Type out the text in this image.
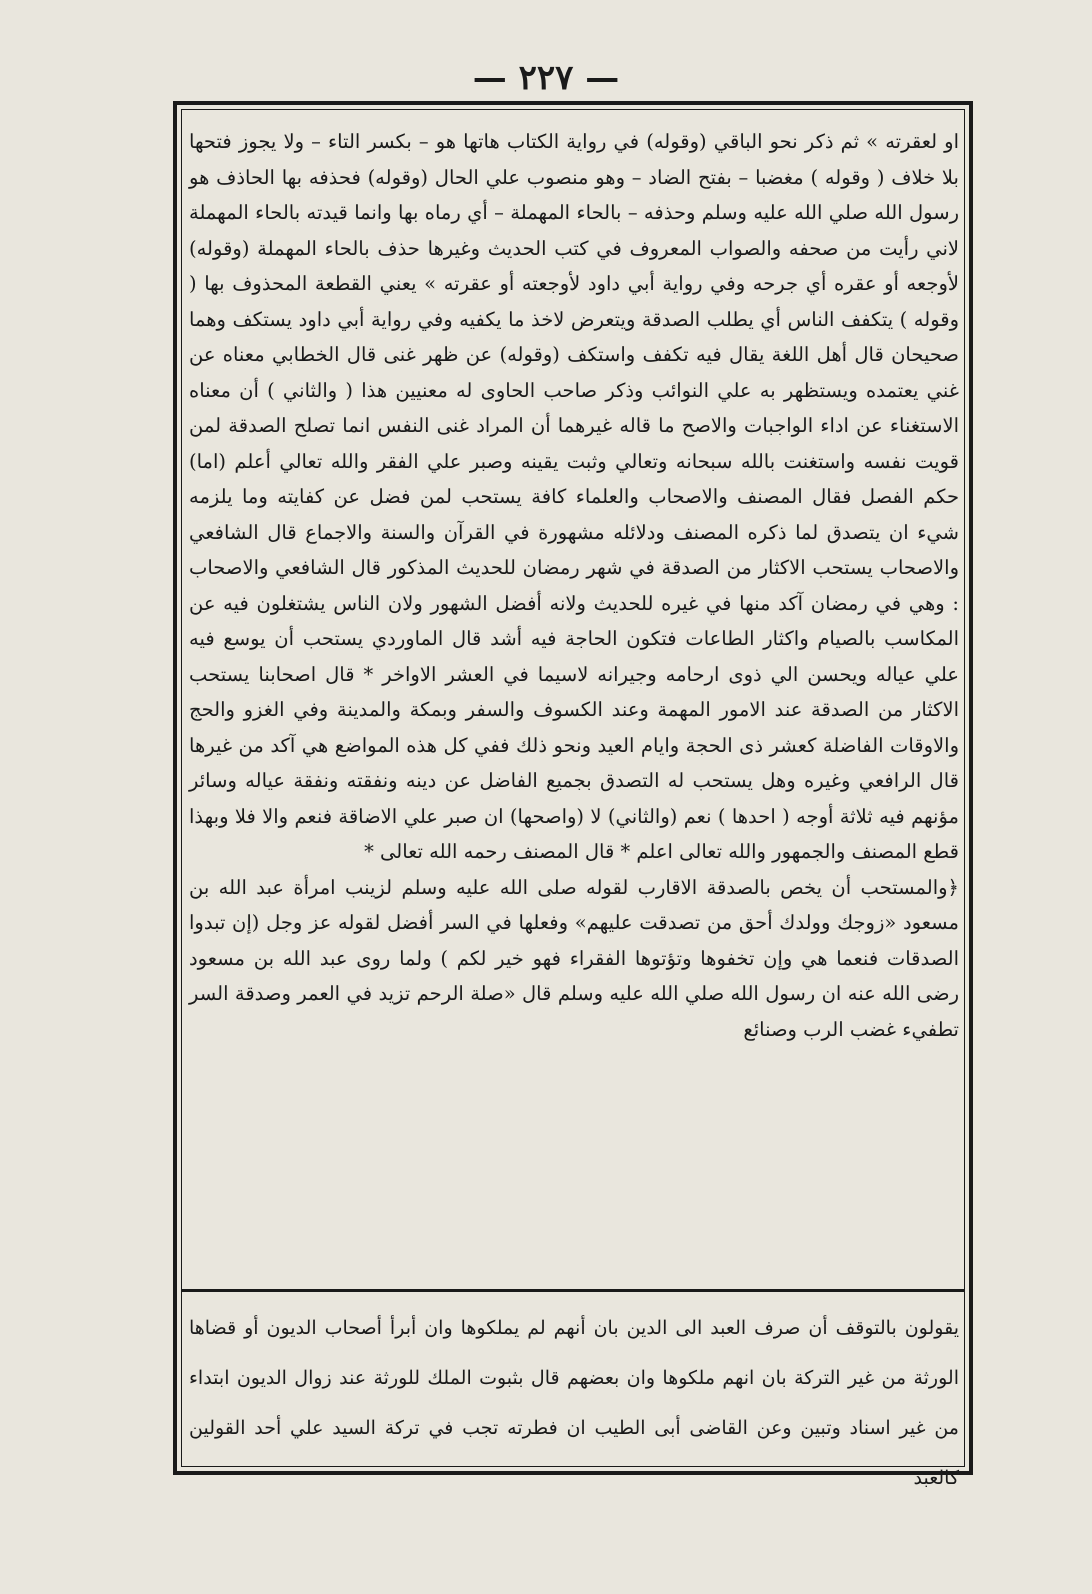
— ٢٢٧ —

او لعقرته » ثم ذكر نحو الباقي (وقوله) في رواية الكتاب هاتها هو – بكسر التاء – ولا يجوز فتحها بلا خلاف ( وقوله ) مغضبا – بفتح الضاد – وهو منصوب علي الحال (وقوله) فحذفه بها الحاذف هو رسول الله صلي الله عليه وسلم وحذفه – بالحاء المهملة – أي رماه بها وانما قيدته بالحاء المهملة لاني رأيت من صحفه والصواب المعروف في كتب الحديث وغيرها حذف بالحاء المهملة (وقوله) لأوجعه أو عقره أي جرحه وفي رواية أبي داود لأوجعته أو عقرته » يعني القطعة المحذوف بها ( وقوله ) يتكفف الناس أي يطلب الصدقة ويتعرض لاخذ ما يكفيه وفي رواية أبي داود يستكف وهما صحيحان قال أهل اللغة يقال فيه تكفف واستكف (وقوله) عن ظهر غنى قال الخطابي معناه عن غني يعتمده ويستظهر به علي النوائب وذكر صاحب الحاوى له معنيين هذا ( والثاني ) أن معناه الاستغناء عن اداء الواجبات والاصح ما قاله غيرهما أن المراد غنى النفس انما تصلح الصدقة لمن قويت نفسه واستغنت بالله سبحانه وتعالي وثبت يقينه وصبر علي الفقر والله تعالي أعلم (اما) حكم الفصل فقال المصنف والاصحاب والعلماء كافة يستحب لمن فضل عن كفايته وما يلزمه شيء ان يتصدق لما ذكره المصنف ودلائله مشهورة في القرآن والسنة والاجماع قال الشافعي والاصحاب يستحب الاكثار من الصدقة في شهر رمضان للحديث المذكور قال الشافعي والاصحاب : وهي في رمضان آكد منها في غيره للحديث ولانه أفضل الشهور ولان الناس يشتغلون فيه عن المكاسب بالصيام واكثار الطاعات فتكون الحاجة فيه أشد قال الماوردي يستحب أن يوسع فيه علي عياله ويحسن الي ذوى ارحامه وجيرانه لاسيما في العشر الاواخر * قال اصحابنا يستحب الاكثار من الصدقة عند الامور المهمة وعند الكسوف والسفر وبمكة والمدينة وفي الغزو والحج والاوقات الفاضلة كعشر ذى الحجة وايام العيد ونحو ذلك ففي كل هذه المواضع هي آكد من غيرها قال الرافعي وغيره وهل يستحب له التصدق بجميع الفاضل عن دينه ونفقته ونفقة عياله وسائر مؤنهم فيه ثلاثة أوجه ( احدها ) نعم (والثاني) لا (واصحها) ان صبر علي الاضاقة فنعم والا فلا وبهذا قطع المصنف والجمهور والله تعالى اعلم * قال المصنف رحمه الله تعالى *

﴿والمستحب أن يخص بالصدقة الاقارب لقوله صلى الله عليه وسلم لزينب امرأة عبد الله بن مسعود «زوجك وولدك أحق من تصدقت عليهم» وفعلها في السر أفضل لقوله عز وجل (إن تبدوا الصدقات فنعما هي وإن تخفوها وتؤتوها الفقراء فهو خير لكم ) ولما روى عبد الله بن مسعود رضى الله عنه ان رسول الله صلي الله عليه وسلم قال «صلة الرحم تزيد في العمر وصدقة السر تطفيء غضب الرب وصنائع

يقولون بالتوقف أن صرف العبد الى الدين بان أنهم لم يملكوها وان أبرأ أصحاب الديون أو قضاها الورثة من غير التركة بان انهم ملكوها وان بعضهم قال بثبوت الملك للورثة عند زوال الديون ابتداء من غير اسناد وتبين وعن القاضى أبى الطيب ان فطرته تجب في تركة السيد علي أحد القولين كالعبد
